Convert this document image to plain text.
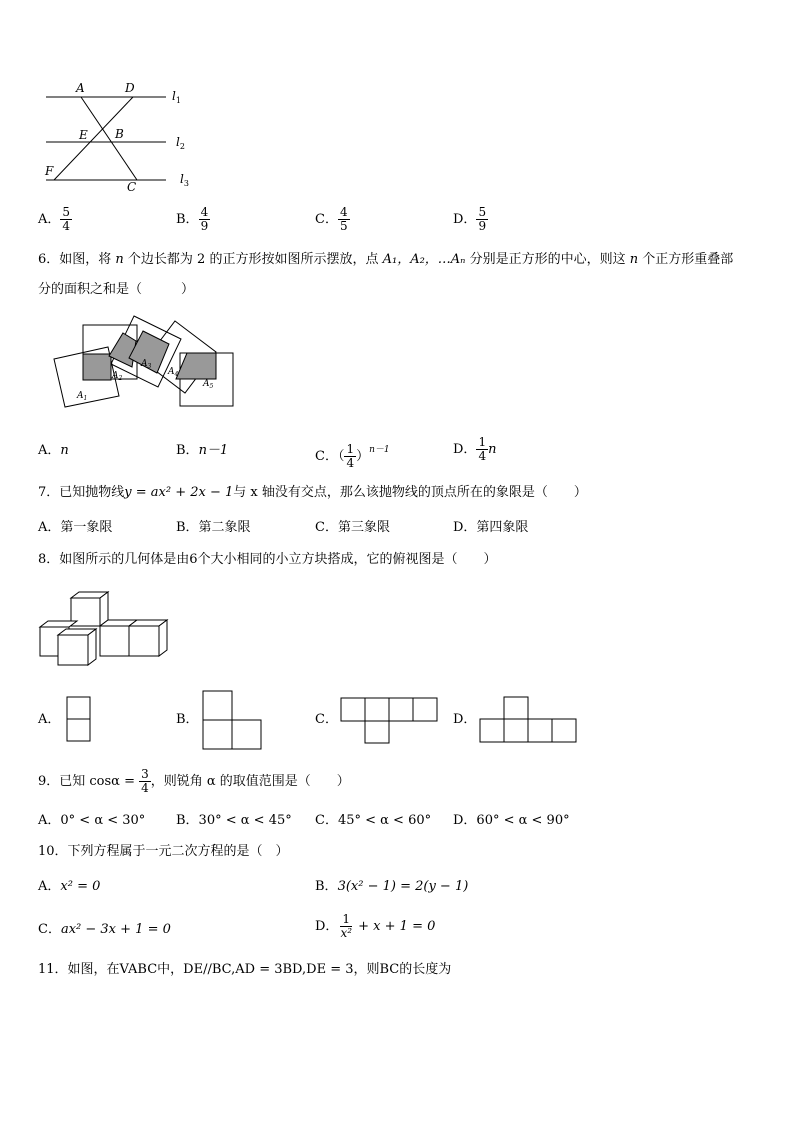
A	D
E B
F
C
$l_1$
$l_2$
$l_3$
A． $\frac{5}{4}$	B． $\frac{4}{9}$	C． $\frac{4}{5}$	D． $\frac{5}{9}$
6．如图，将 n 个边长都为 2 的正方形按如图所示摆放，点 A₁，A₂，…Aₙ 分别是正方形的中心，则这 n 个正方形重叠部
分的面积之和是（　　　）
$A_1$
$A_2$
$A_3$
$A_4$
$A_5$
A．n	B．n－1	C．（ $\frac{1}{4} )^{n-1}$	D． $\frac{1}{4}$ n
7．已知抛物线y = ax² + 2x − 1与 x 轴没有交点，那么该抛物线的顶点所在的象限是（　　）
A．第一象限	B．第二象限	C．第三象限	D．第四象限
8．如图所示的几何体是由6个大小相同的小立方块搭成，它的俯视图是（　　）
A．	B．	C．	D．
9．已知 $\cos\alpha = \frac{3}{4}$ ，则锐角 α 的取值范围是（　　）
A．0° < α < 30° B．30° < α < 45° C．45° < α < 60° D．60° < α < 90°
10．下列方程属于一元二次方程的是（　）
A．x² = 0	B．3(x² − 1) = 2(y − 1)
C．ax² − 3x + 1 = 0	D． $\frac{1}{\text{x²}} + x + 1 = 0$
11．如图，在VABC中，DE//BC,AD = 3BD,DE = 3，则BC的长度为
